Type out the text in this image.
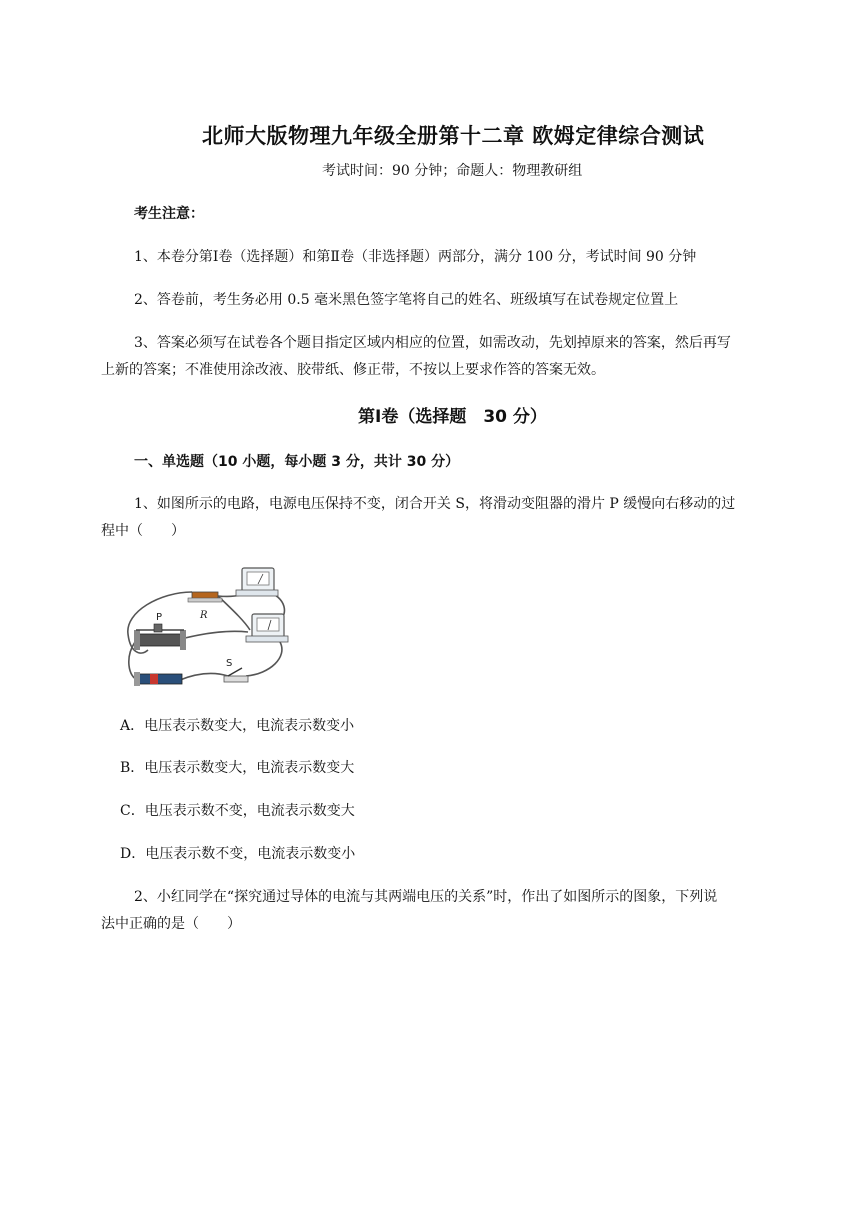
北师大版物理九年级全册第十二章 欧姆定律综合测试
考试时间：90 分钟；命题人：物理教研组
考生注意：
1、本卷分第Ⅰ卷（选择题）和第Ⅱ卷（非选择题）两部分，满分 100 分，考试时间 90 分钟
2、答卷前，考生务必用 0.5 毫米黑色签字笔将自己的姓名、班级填写在试卷规定位置上
3、答案必须写在试卷各个题目指定区域内相应的位置，如需改动，先划掉原来的答案，然后再写
上新的答案；不准使用涂改液、胶带纸、修正带，不按以上要求作答的答案无效。
第Ⅰ卷（选择题　30 分）
一、单选题（10 小题，每小题 3 分，共计 30 分）
1、如图所示的电路，电源电压保持不变，闭合开关 S，将滑动变阻器的滑片 P 缓慢向右移动的过
程中（　　）
R
P
S
A．电压表示数变大，电流表示数变小
B．电压表示数变大，电流表示数变大
C．电压表示数不变，电流表示数变大
D．电压表示数不变，电流表示数变小
2、小红同学在“探究通过导体的电流与其两端电压的关系”时，作出了如图所示的图象，下列说
法中正确的是（　　）
